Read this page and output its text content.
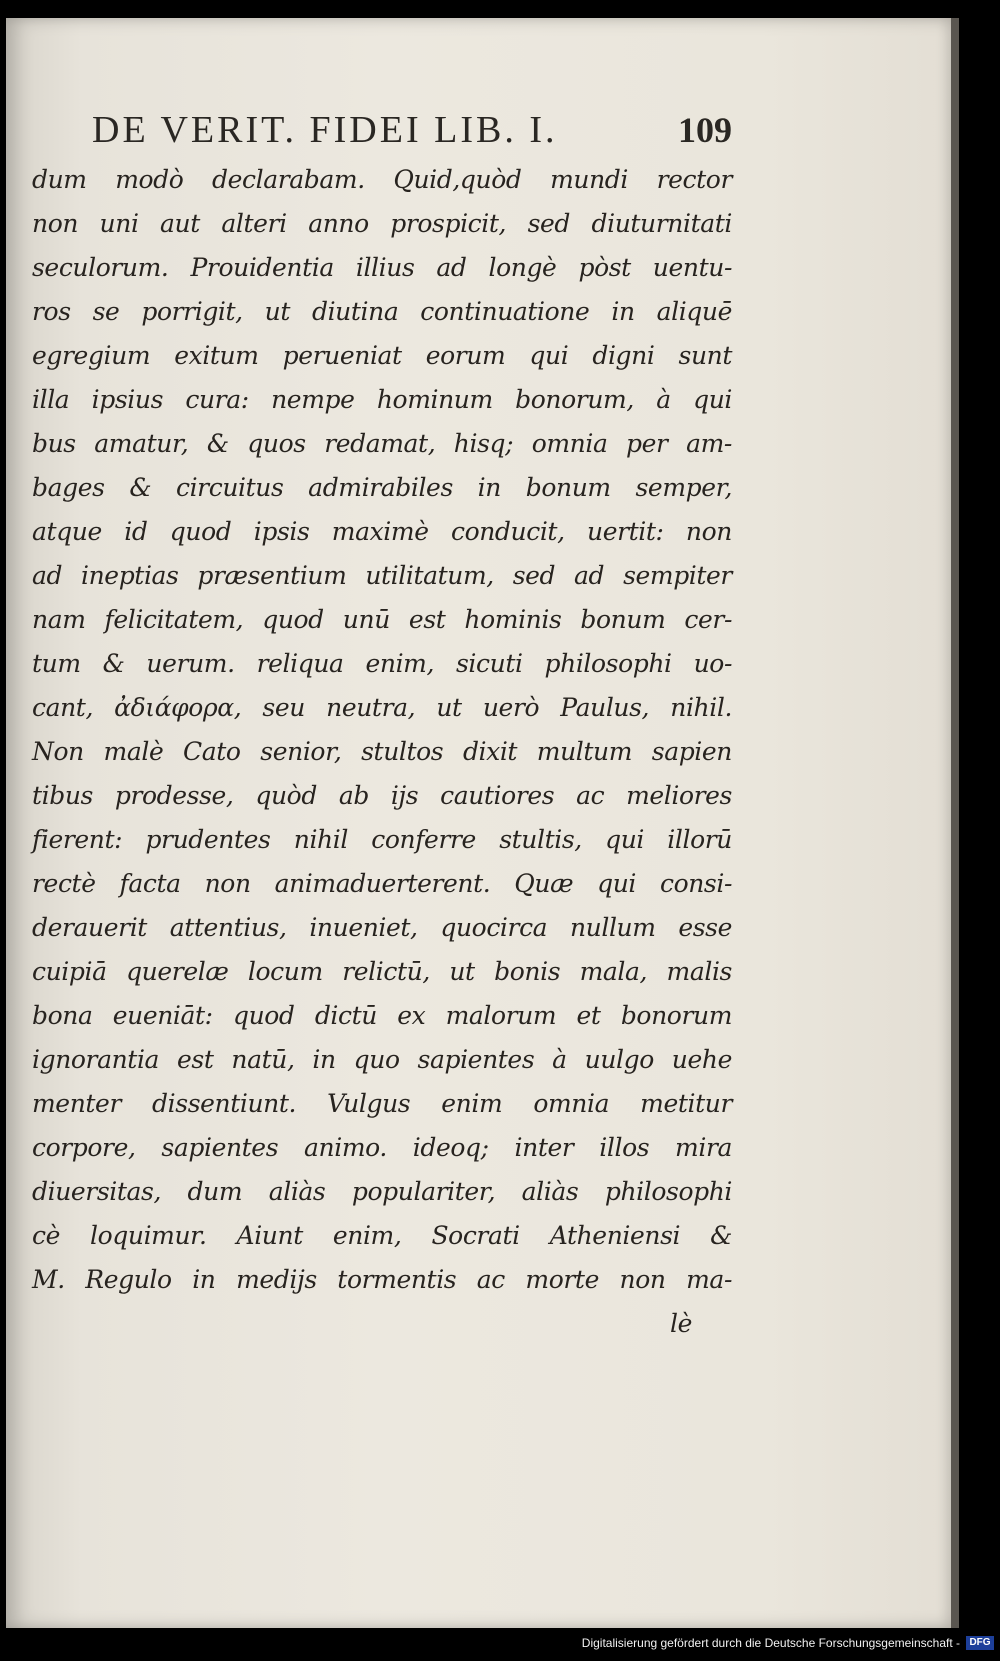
DE VERIT. FIDEI LIB. I.	109
dum modò declarabam. Quid,quòd mundi rector
non uni aut alteri anno prospicit, sed diuturnitati
seculorum. Prouidentia illius ad longè pòst uentu-
ros se porrigit, ut diutina continuatione in aliquē
egregium exitum perueniat eorum qui digni sunt
illa ipsius cura: nempe hominum bonorum, à qui
bus amatur, & quos redamat, hisq; omnia per am-
bages & circuitus admirabiles in bonum semper,
atque id quod ipsis maximè conducit, uertit: non
ad ineptias præsentium utilitatum, sed ad sempiter
nam felicitatem, quod unū est hominis bonum cer-
tum & uerum. reliqua enim, sicuti philosophi uo-
cant, ἀδιάφορα, seu neutra, ut uerò Paulus, nihil.
Non malè Cato senior, stultos dixit multum sapien
tibus prodesse, quòd ab ijs cautiores ac meliores
fierent: prudentes nihil conferre stultis, qui illorū
rectè facta non animaduerterent. Quæ qui consi-
derauerit attentius, inueniet, quocirca nullum esse
cuipiā querelæ locum relictū, ut bonis mala, malis
bona eueniāt: quod dictū ex malorum et bonorum
ignorantia est natū, in quo sapientes à uulgo uehe
menter dissentiunt. Vulgus enim omnia metitur
corpore, sapientes animo. ideoq; inter illos mira
diuersitas, dum aliàs populariter, aliàs philosophi
cè loquimur. Aiunt enim, Socrati Atheniensi &
M. Regulo in medijs tormentis ac morte non ma-
lè
Digitalisierung gefördert durch die Deutsche Forschungsgemeinschaft - DFG
